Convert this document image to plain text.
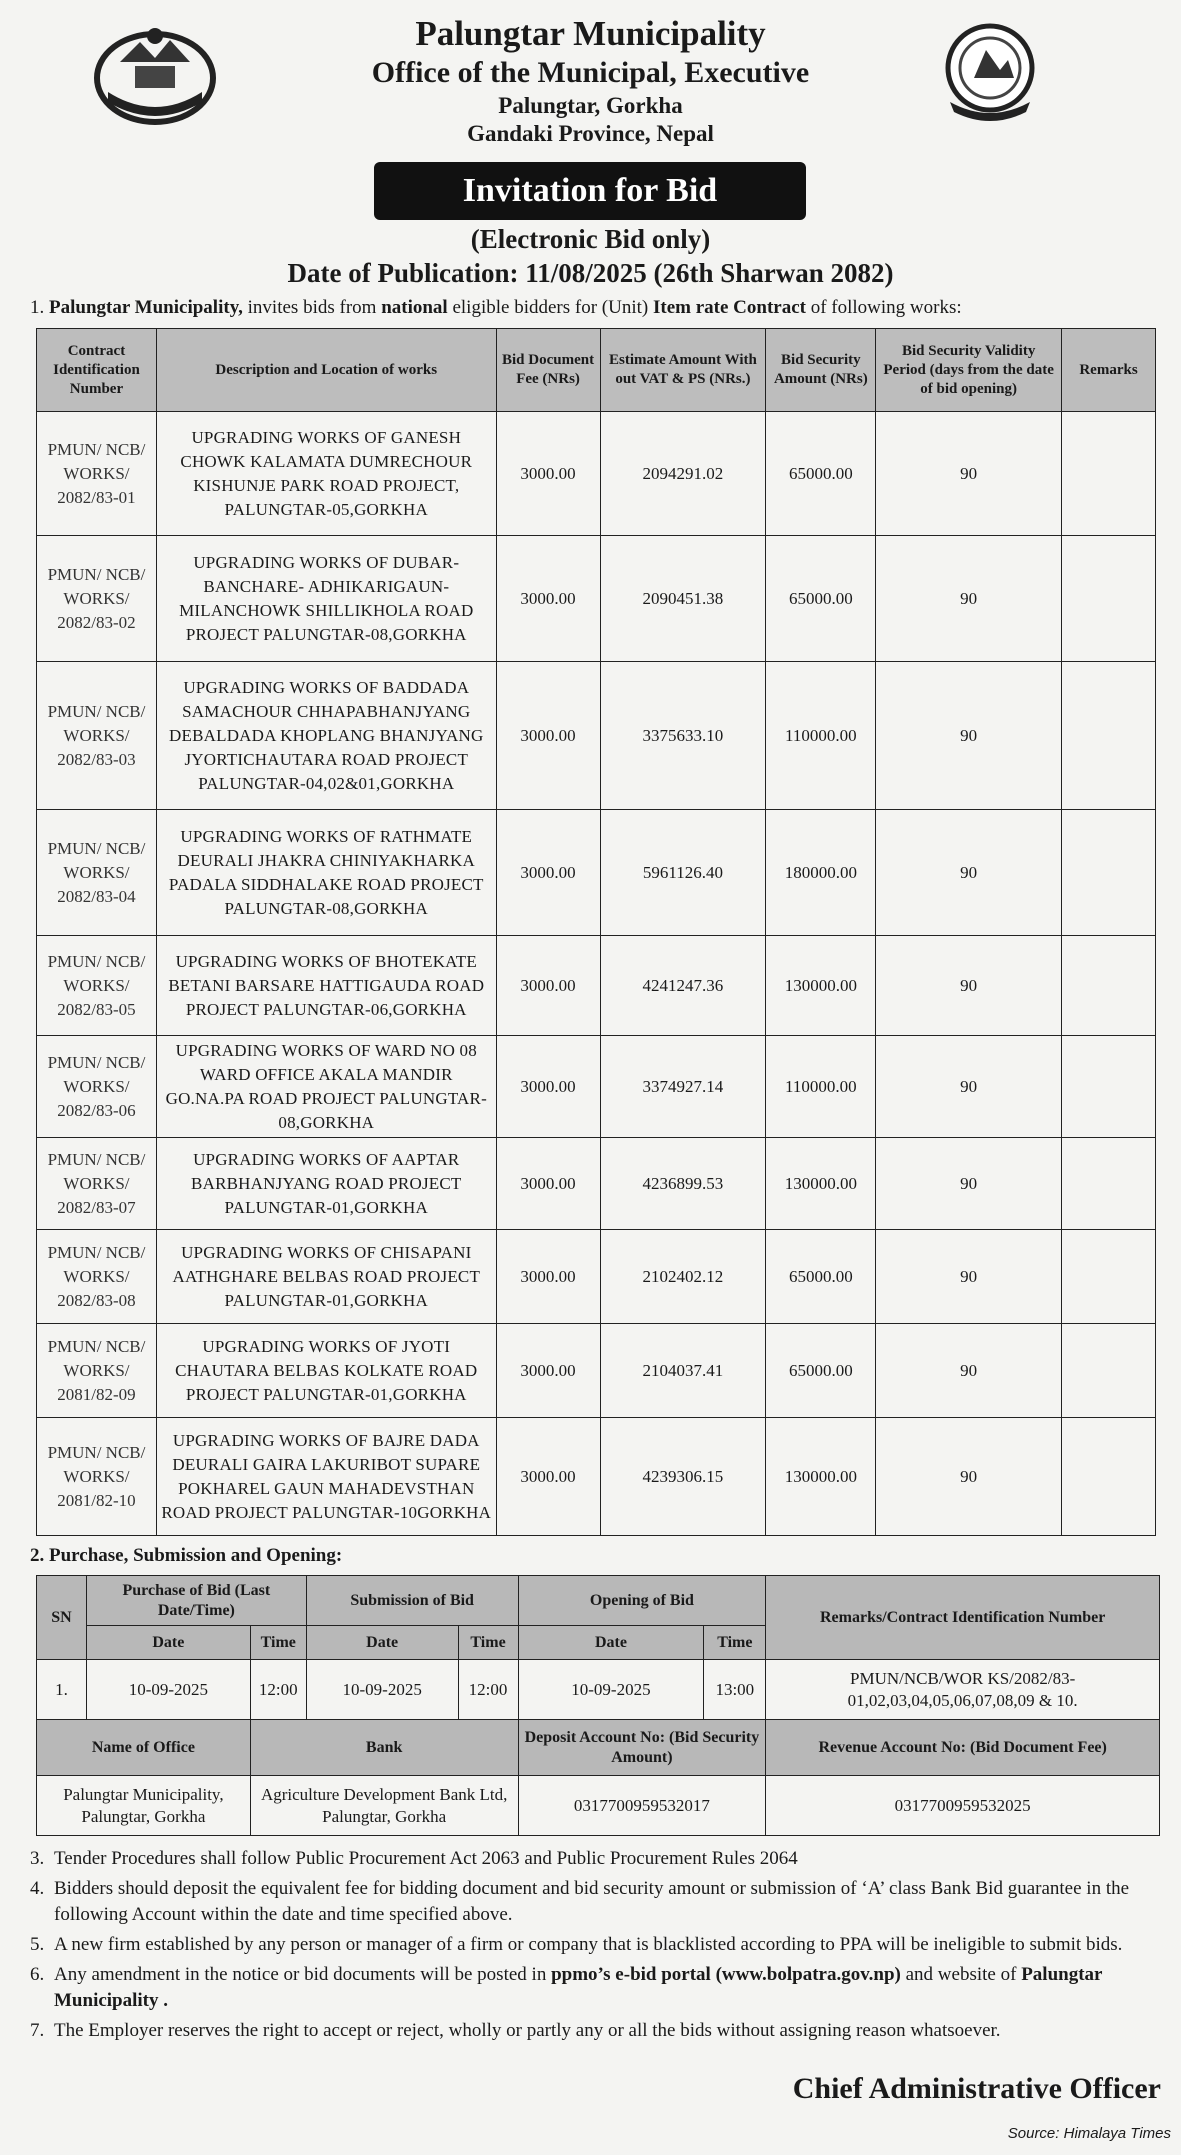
Palungtar Municipality
Office of the Municipal, Executive
Palungtar, Gorkha
Gandaki Province, Nepal
Invitation for Bid
(Electronic Bid only)
Date of Publication: 11/08/2025 (26th Sharwan 2082)
1. Palungtar Municipality, invites bids from national eligible bidders for (Unit) Item rate Contract of following works:
Contract Identification Number	Description and Location of works	Bid Document Fee (NRs)	Estimate Amount With out VAT & PS (NRs.)	Bid Security Amount (NRs)	Bid Security Validity Period (days from the date of bid opening)	Remarks
PMUN/ NCB/ WORKS/ 2082/83-01	UPGRADING WORKS OF GANESH CHOWK KALAMATA DUMRECHOUR KISHUNJE PARK ROAD PROJECT, PALUNGTAR-05,GORKHA	3000.00	2094291.02	65000.00	90	
PMUN/ NCB/ WORKS/ 2082/83-02	UPGRADING WORKS OF DUBAR-BANCHARE- ADHIKARIGAUN-MILANCHOWK SHILLIKHOLA ROAD PROJECT PALUNGTAR-08,GORKHA	3000.00	2090451.38	65000.00	90	
PMUN/ NCB/ WORKS/ 2082/83-03	UPGRADING WORKS OF BADDADA SAMACHOUR CHHAPABHANJYANG DEBALDADA KHOPLANG BHANJYANG JYORTICHAUTARA ROAD PROJECT PALUNGTAR-04,02&01,GORKHA	3000.00	3375633.10	110000.00	90	
PMUN/ NCB/ WORKS/ 2082/83-04	UPGRADING WORKS OF RATHMATE DEURALI JHAKRA CHINIYAKHARKA PADALA SIDDHALAKE ROAD PROJECT PALUNGTAR-08,GORKHA	3000.00	5961126.40	180000.00	90	
PMUN/ NCB/ WORKS/ 2082/83-05	UPGRADING WORKS OF BHOTEKATE BETANI BARSARE HATTIGAUDA ROAD PROJECT PALUNGTAR-06,GORKHA	3000.00	4241247.36	130000.00	90	
PMUN/ NCB/ WORKS/ 2082/83-06	UPGRADING WORKS OF WARD NO 08 WARD OFFICE AKALA MANDIR GO.NA.PA ROAD PROJECT PALUNGTAR-08,GORKHA	3000.00	3374927.14	110000.00	90	
PMUN/ NCB/ WORKS/ 2082/83-07	UPGRADING WORKS OF AAPTAR BARBHANJYANG ROAD PROJECT PALUNGTAR-01,GORKHA	3000.00	4236899.53	130000.00	90	
PMUN/ NCB/ WORKS/ 2082/83-08	UPGRADING WORKS OF CHISAPANI AATHGHARE BELBAS ROAD PROJECT PALUNGTAR-01,GORKHA	3000.00	2102402.12	65000.00	90	
PMUN/ NCB/ WORKS/ 2081/82-09	UPGRADING WORKS OF JYOTI CHAUTARA BELBAS KOLKATE ROAD PROJECT PALUNGTAR-01,GORKHA	3000.00	2104037.41	65000.00	90	
PMUN/ NCB/ WORKS/ 2081/82-10	UPGRADING WORKS OF BAJRE DADA DEURALI GAIRA LAKURIBOT SUPARE POKHAREL GAUN MAHADEVSTHAN ROAD PROJECT PALUNGTAR-10GORKHA	3000.00	4239306.15	130000.00	90	
2. Purchase, Submission and Opening:
SN	Purchase of Bid (Last Date/Time)		Submission of Bid		Opening of Bid		Remarks/Contract Identification Number
	Date	Time	Date	Time	Date	Time	
1.	10-09-2025	12:00	10-09-2025	12:00	10-09-2025	13:00	PMUN/NCB/WOR KS/2082/83-01,02,03,04,05,06,07,08,09 & 10.
Name of Office		Bank			Deposit Account No: (Bid Security Amount)		Revenue Account No: (Bid Document Fee)
Palungtar Municipality, Palungtar, Gorkha		Agriculture Development Bank Ltd, Palungtar, Gorkha			0317700959532017		0317700959532025
3. Tender Procedures shall follow Public Procurement Act 2063 and Public Procurement Rules 2064
4. Bidders should deposit the equivalent fee for bidding document and bid security amount or submission of ‘A’ class Bank Bid guarantee in the following Account within the date and time specified above.
5. A new firm established by any person or manager of a firm or company that is blacklisted according to PPA will be ineligible to submit bids.
6. Any amendment in the notice or bid documents will be posted in ppmo’s e-bid portal (www.bolpatra.gov.np) and website of Palungtar Municipality .
7. The Employer reserves the right to accept or reject, wholly or partly any or all the bids without assigning reason whatsoever.
Chief Administrative Officer
Source: Himalaya Times
